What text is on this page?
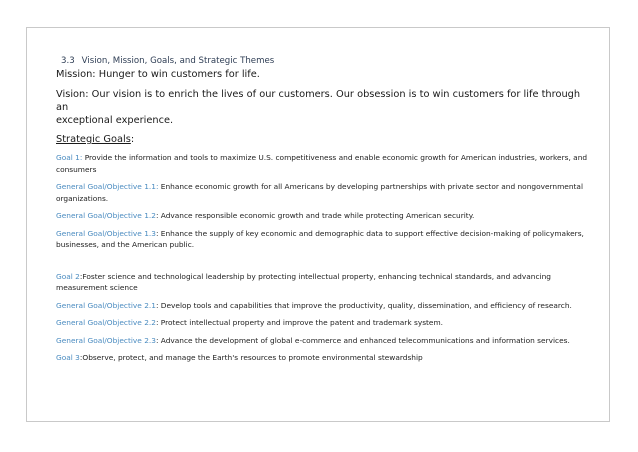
3.3 Vision, Mission, Goals, and Strategic Themes
Mission: Hunger to win customers for life.
Vision: Our vision is to enrich the lives of our customers. Our obsession is to win customers for life throughan
exceptional experience.
Strategic Goals:
Goal 1: Provide the information and tools to maximize U.S. competitiveness and enable economic growth for American industries, workers, and consumers
General Goal/Objective 1.1: Enhance economic growth for all Americans by developing partnerships with private sector and nongovernmental organizations.
General Goal/Objective 1.2: Advance responsible economic growth and trade while protecting American security.
General Goal/Objective 1.3: Enhance the supply of key economic and demographic data to support effective decision-making of policymakers, businesses, and the American public.
Goal 2:Foster science and technological leadership by protecting intellectual property, enhancing technical standards, and advancing measurement science
General Goal/Objective 2.1: Develop tools and capabilities that improve the productivity, quality, dissemination, and efficiency of research.
General Goal/Objective 2.2: Protect intellectual property and improve the patent and trademark system.
General Goal/Objective 2.3: Advance the development of global e-commerce and enhanced telecommunications and information services.
Goal 3:Observe, protect, and manage the Earth's resources to promote environmental stewardship
